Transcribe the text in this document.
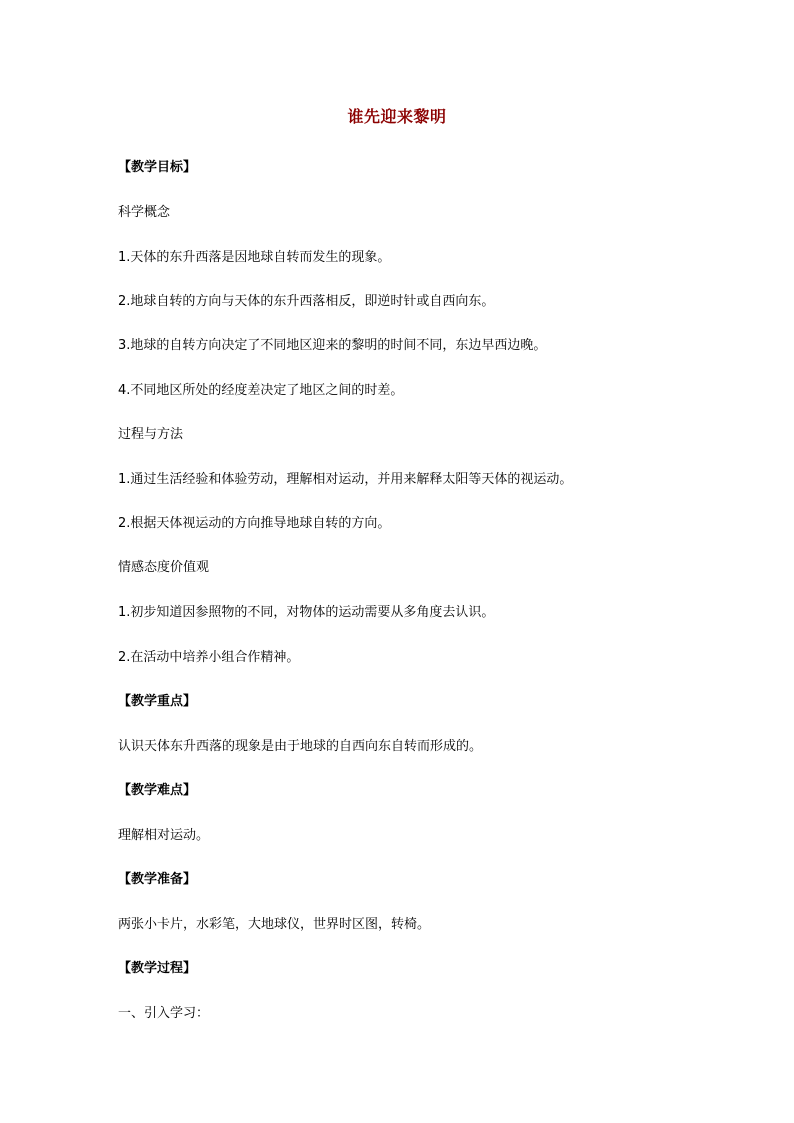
谁先迎来黎明

【教学目标】

科学概念

1.天体的东升西落是因地球自转而发生的现象。

2.地球自转的方向与天体的东升西落相反，即逆时针或自西向东。

3.地球的自转方向决定了不同地区迎来的黎明的时间不同，东边早西边晚。

4.不同地区所处的经度差决定了地区之间的时差。

过程与方法

1.通过生活经验和体验劳动，理解相对运动，并用来解释太阳等天体的视运动。

2.根据天体视运动的方向推导地球自转的方向。

情感态度价值观

1.初步知道因参照物的不同，对物体的运动需要从多角度去认识。

2.在活动中培养小组合作精神。

【教学重点】

认识天体东升西落的现象是由于地球的自西向东自转而形成的。

【教学难点】

理解相对运动。

【教学准备】

两张小卡片，水彩笔，大地球仪，世界时区图，转椅。

【教学过程】

一、引入学习：
